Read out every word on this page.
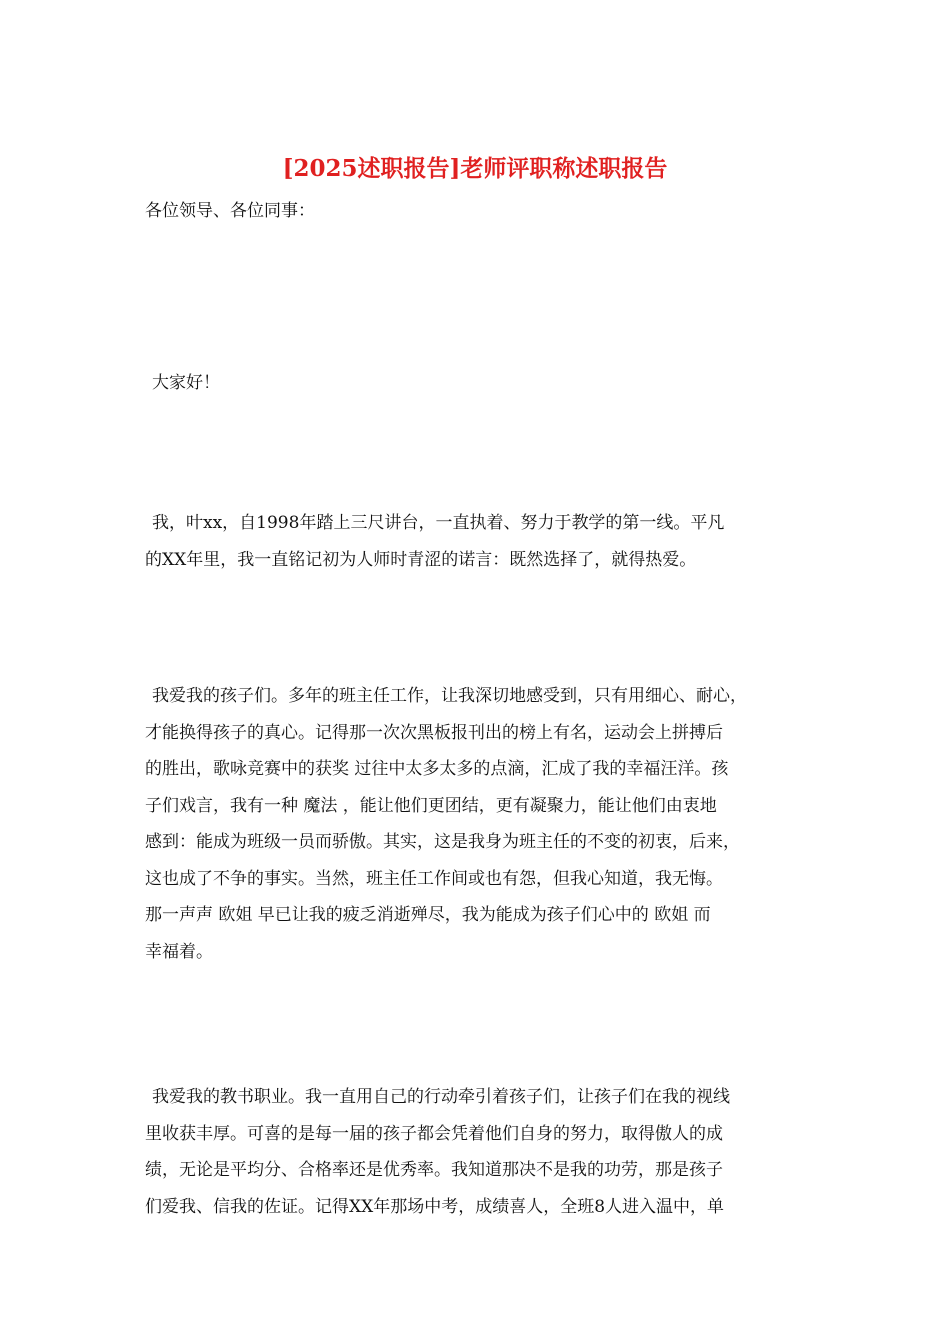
[2025述职报告]老师评职称述职报告
各位领导、各位同事：
大家好！
我，叶xx，自1998年踏上三尺讲台，一直执着、努力于教学的第一线。平凡
的XX年里，我一直铭记初为人师时青涩的诺言：既然选择了，就得热爱。
我爱我的孩子们。多年的班主任工作，让我深切地感受到，只有用细心、耐心，
才能换得孩子的真心。记得那一次次黑板报刊出的榜上有名，运动会上拼搏后
的胜出，歌咏竞赛中的获奖 过往中太多太多的点滴，汇成了我的幸福汪洋。孩
子们戏言，我有一种 魔法 ，能让他们更团结，更有凝聚力，能让他们由衷地
感到：能成为班级一员而骄傲。其实，这是我身为班主任的不变的初衷，后来，
这也成了不争的事实。当然，班主任工作间或也有怨，但我心知道，我无悔。
那一声声 欧姐 早已让我的疲乏消逝殚尽，我为能成为孩子们心中的 欧姐 而
幸福着。
我爱我的教书职业。我一直用自己的行动牵引着孩子们，让孩子们在我的视线
里收获丰厚。可喜的是每一届的孩子都会凭着他们自身的努力，取得傲人的成
绩，无论是平均分、合格率还是优秀率。我知道那决不是我的功劳，那是孩子
们爱我、信我的佐证。记得XX年那场中考，成绩喜人，全班8人进入温中，单
